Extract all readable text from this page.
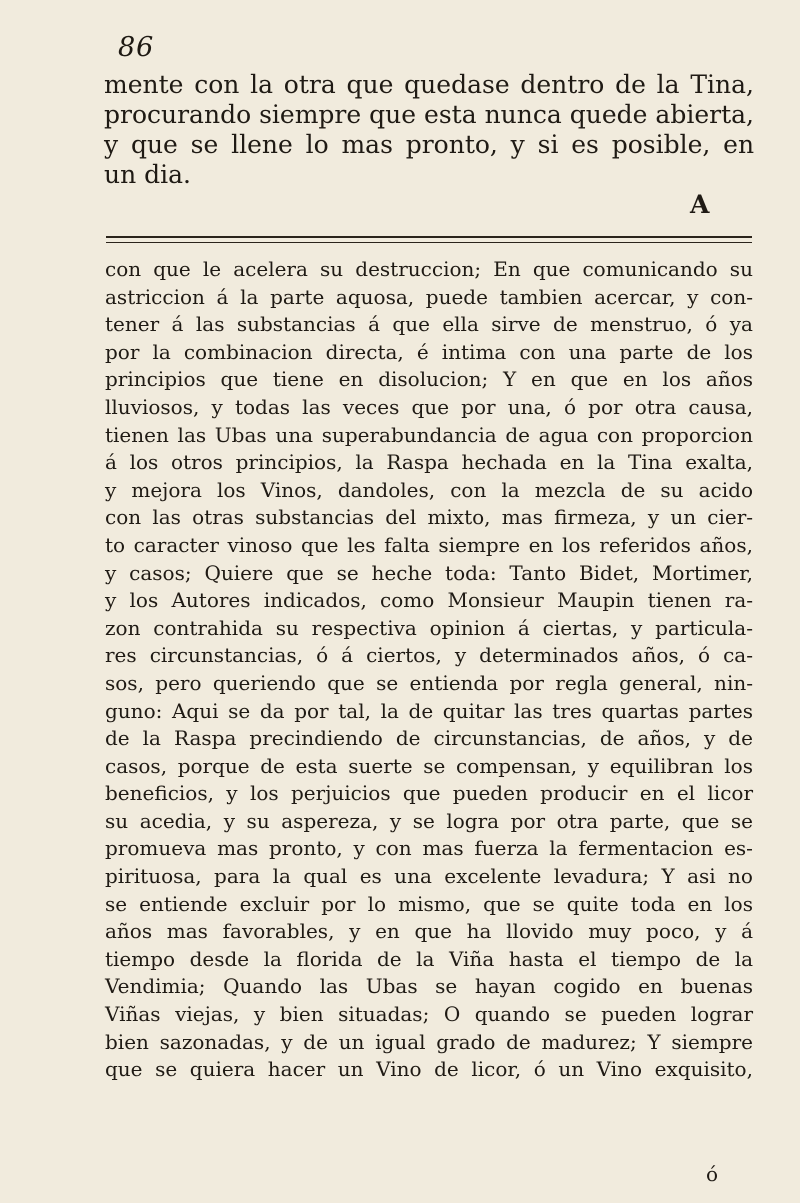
86
mente con la otra que quedase dentro de la Tina,
procurando siempre que esta nunca quede abierta,
y que se llene lo mas pronto, y si es posible, en
un dia.
A
con que le acelera su destruccion; En que comunicando su
astriccion á la parte aquosa, puede tambien acercar, y con-
tener á las substancias á que ella sirve de menstruo, ó ya
por la combinacion directa, é intima con una parte de los
principios que tiene en disolucion; Y en que en los años
lluviosos, y todas las veces que por una, ó por otra causa,
tienen las Ubas una superabundancia de agua con proporcion
á los otros principios, la Raspa hechada en la Tina exalta,
y mejora los Vinos, dandoles, con la mezcla de su acido
con las otras substancias del mixto, mas firmeza, y un cier-
to caracter vinoso que les falta siempre en los referidos años,
y casos; Quiere que se heche toda: Tanto Bidet, Mortimer,
y los Autores indicados, como Monsieur Maupin tienen ra-
zon contrahida su respectiva opinion á ciertas, y particula-
res circunstancias, ó á ciertos, y determinados años, ó ca-
sos, pero queriendo que se entienda por regla general, nin-
guno: Aqui se da por tal, la de quitar las tres quartas partes
de la Raspa precindiendo de circunstancias, de años, y de
casos, porque de esta suerte se compensan, y equilibran los
beneficios, y los perjuicios que pueden producir en el licor
su acedia, y su aspereza, y se logra por otra parte, que se
promueva mas pronto, y con mas fuerza la fermentacion es-
pirituosa, para la qual es una excelente levadura; Y asi no
se entiende excluir por lo mismo, que se quite toda en los
años mas favorables, y en que ha llovido muy poco, y á
tiempo desde la florida de la Viña hasta el tiempo de la
Vendimia; Quando las Ubas se hayan cogido en buenas
Viñas viejas, y bien situadas; O quando se pueden lograr
bien sazonadas, y de un igual grado de madurez; Y siempre
que se quiera hacer un Vino de licor, ó un Vino exquisito,
ó
